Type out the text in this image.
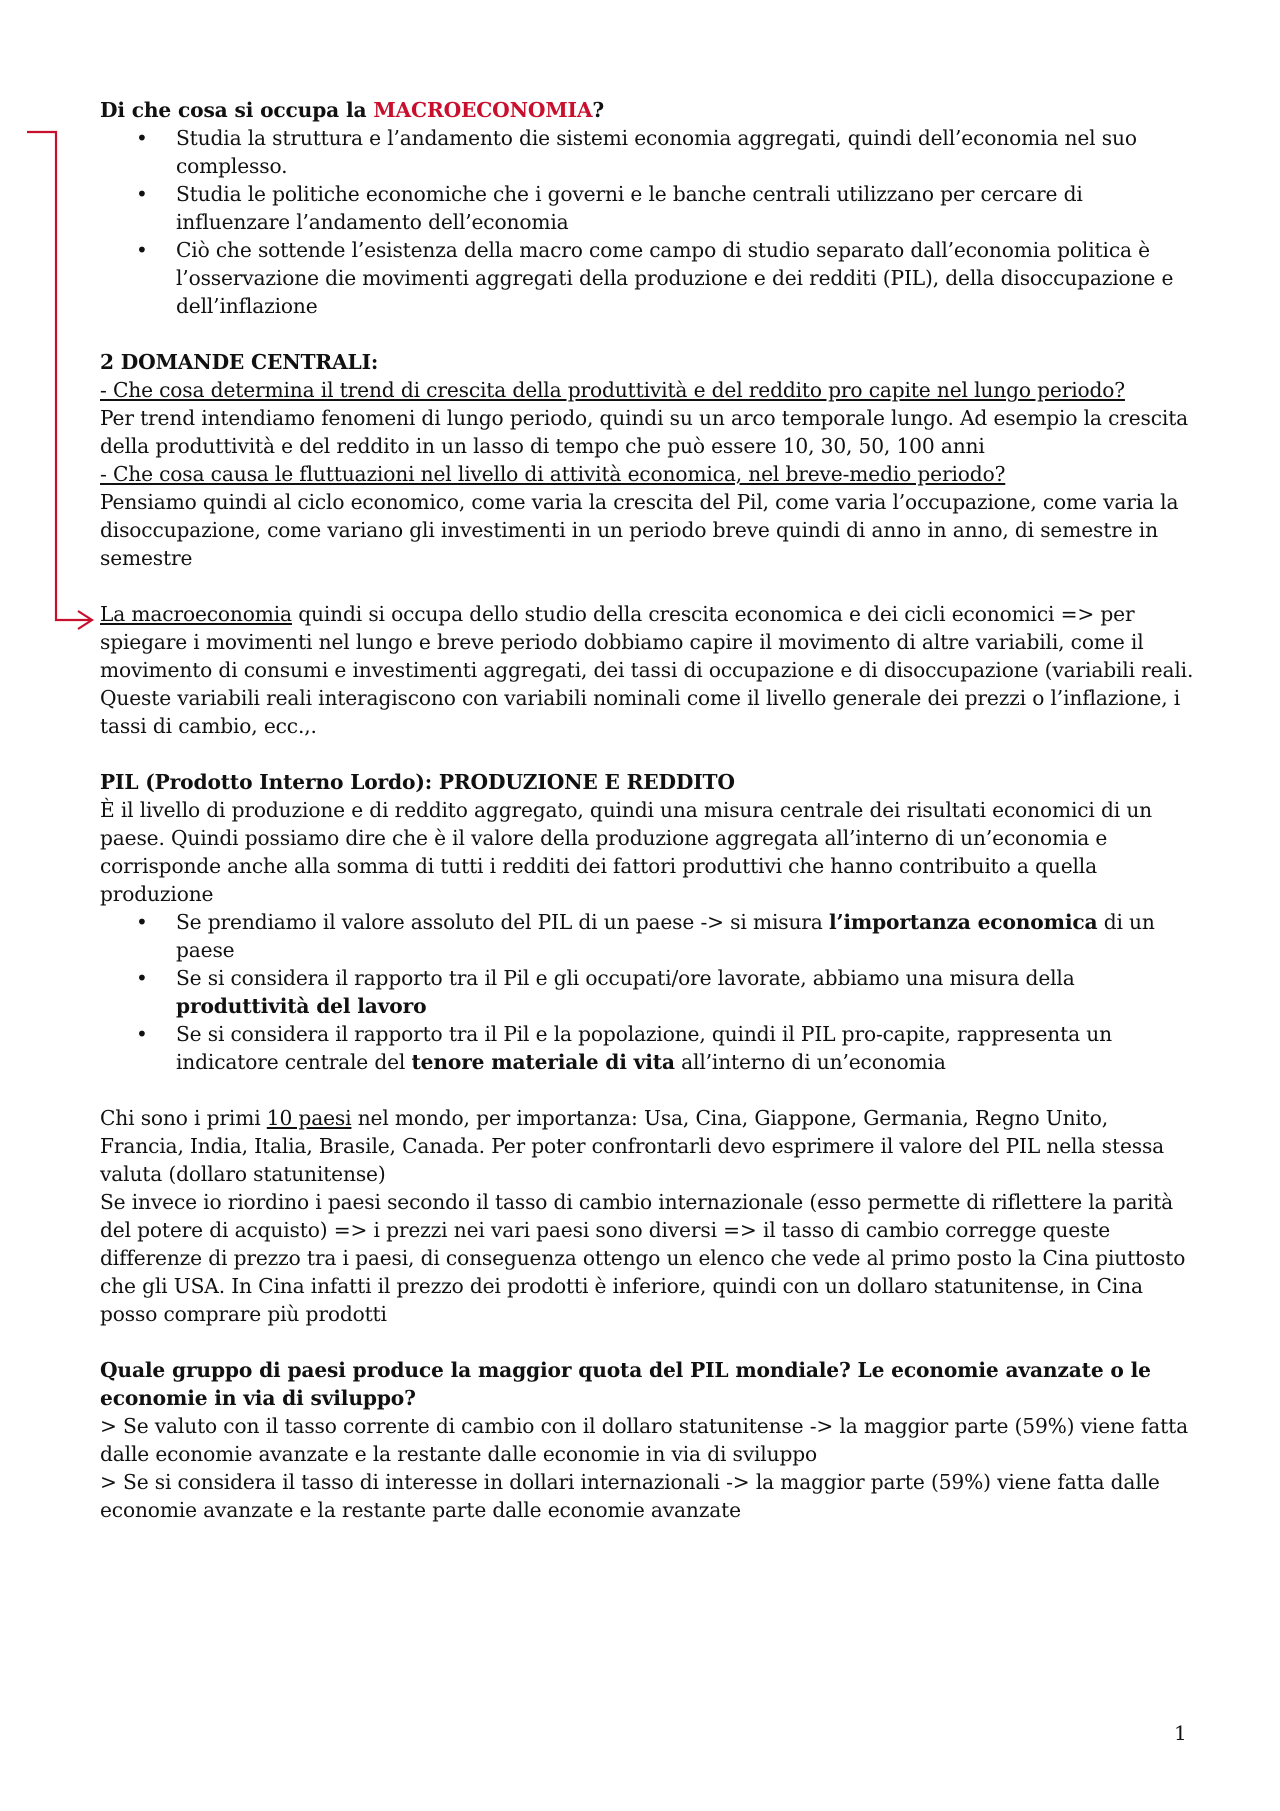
Di che cosa si occupa la MACROECONOMIA?

• Studia la struttura e l’andamento die sistemi economia aggregati, quindi dell’economia nel suo complesso.
• Studia le politiche economiche che i governi e le banche centrali utilizzano per cercare di influenzare l’andamento dell’economia
• Ciò che sottende l’esistenza della macro come campo di studio separato dall’economia politica è l’osservazione die movimenti aggregati della produzione e dei redditi (PIL), della disoccupazione e dell’inflazione

2 DOMANDE CENTRALI:

- Che cosa determina il trend di crescita della produttività e del reddito pro capite nel lungo periodo?

Per trend intendiamo fenomeni di lungo periodo, quindi su un arco temporale lungo. Ad esempio la crescita della produttività e del reddito in un lasso di tempo che può essere 10, 30, 50, 100 anni

- Che cosa causa le fluttuazioni nel livello di attività economica, nel breve-medio periodo?

Pensiamo quindi al ciclo economico, come varia la crescita del Pil, come varia l’occupazione, come varia la disoccupazione, come variano gli investimenti in un periodo breve quindi di anno in anno, di semestre in semestre

La macroeconomia quindi si occupa dello studio della crescita economica e dei cicli economici => per spiegare i movimenti nel lungo e breve periodo dobbiamo capire il movimento di altre variabili, come il movimento di consumi e investimenti aggregati, dei tassi di occupazione e di disoccupazione (variabili reali. Queste variabili reali interagiscono con variabili nominali come il livello generale dei prezzi o l’inflazione, i tassi di cambio, ecc.,.

PIL (Prodotto Interno Lordo): PRODUZIONE E REDDITO

È il livello di produzione e di reddito aggregato, quindi una misura centrale dei risultati economici di un paese. Quindi possiamo dire che è il valore della produzione aggregata all’interno di un’economia e corrisponde anche alla somma di tutti i redditi dei fattori produttivi che hanno contribuito a quella produzione

• Se prendiamo il valore assoluto del PIL di un paese -> si misura l’importanza economica di un paese
• Se si considera il rapporto tra il Pil e gli occupati/ore lavorate, abbiamo una misura della produttività del lavoro
• Se si considera il rapporto tra il Pil e la popolazione, quindi il PIL pro-capite, rappresenta un indicatore centrale del tenore materiale di vita all’interno di un’economia

Chi sono i primi 10 paesi nel mondo, per importanza: Usa, Cina, Giappone, Germania, Regno Unito, Francia, India, Italia, Brasile, Canada. Per poter confrontarli devo esprimere il valore del PIL nella stessa valuta (dollaro statunitense)

Se invece io riordino i paesi secondo il tasso di cambio internazionale (esso permette di riflettere la parità del potere di acquisto) => i prezzi nei vari paesi sono diversi => il tasso di cambio corregge queste differenze di prezzo tra i paesi, di conseguenza ottengo un elenco che vede al primo posto la Cina piuttosto che gli USA. In Cina infatti il prezzo dei prodotti è inferiore, quindi con un dollaro statunitense, in Cina posso comprare più prodotti

Quale gruppo di paesi produce la maggior quota del PIL mondiale? Le economie avanzate o le economie in via di sviluppo?

> Se valuto con il tasso corrente di cambio con il dollaro statunitense -> la maggior parte (59%) viene fatta dalle economie avanzate e la restante dalle economie in via di sviluppo

> Se si considera il tasso di interesse in dollari internazionali -> la maggior parte (59%) viene fatta dalle economie avanzate e la restante parte dalle economie avanzate

1
